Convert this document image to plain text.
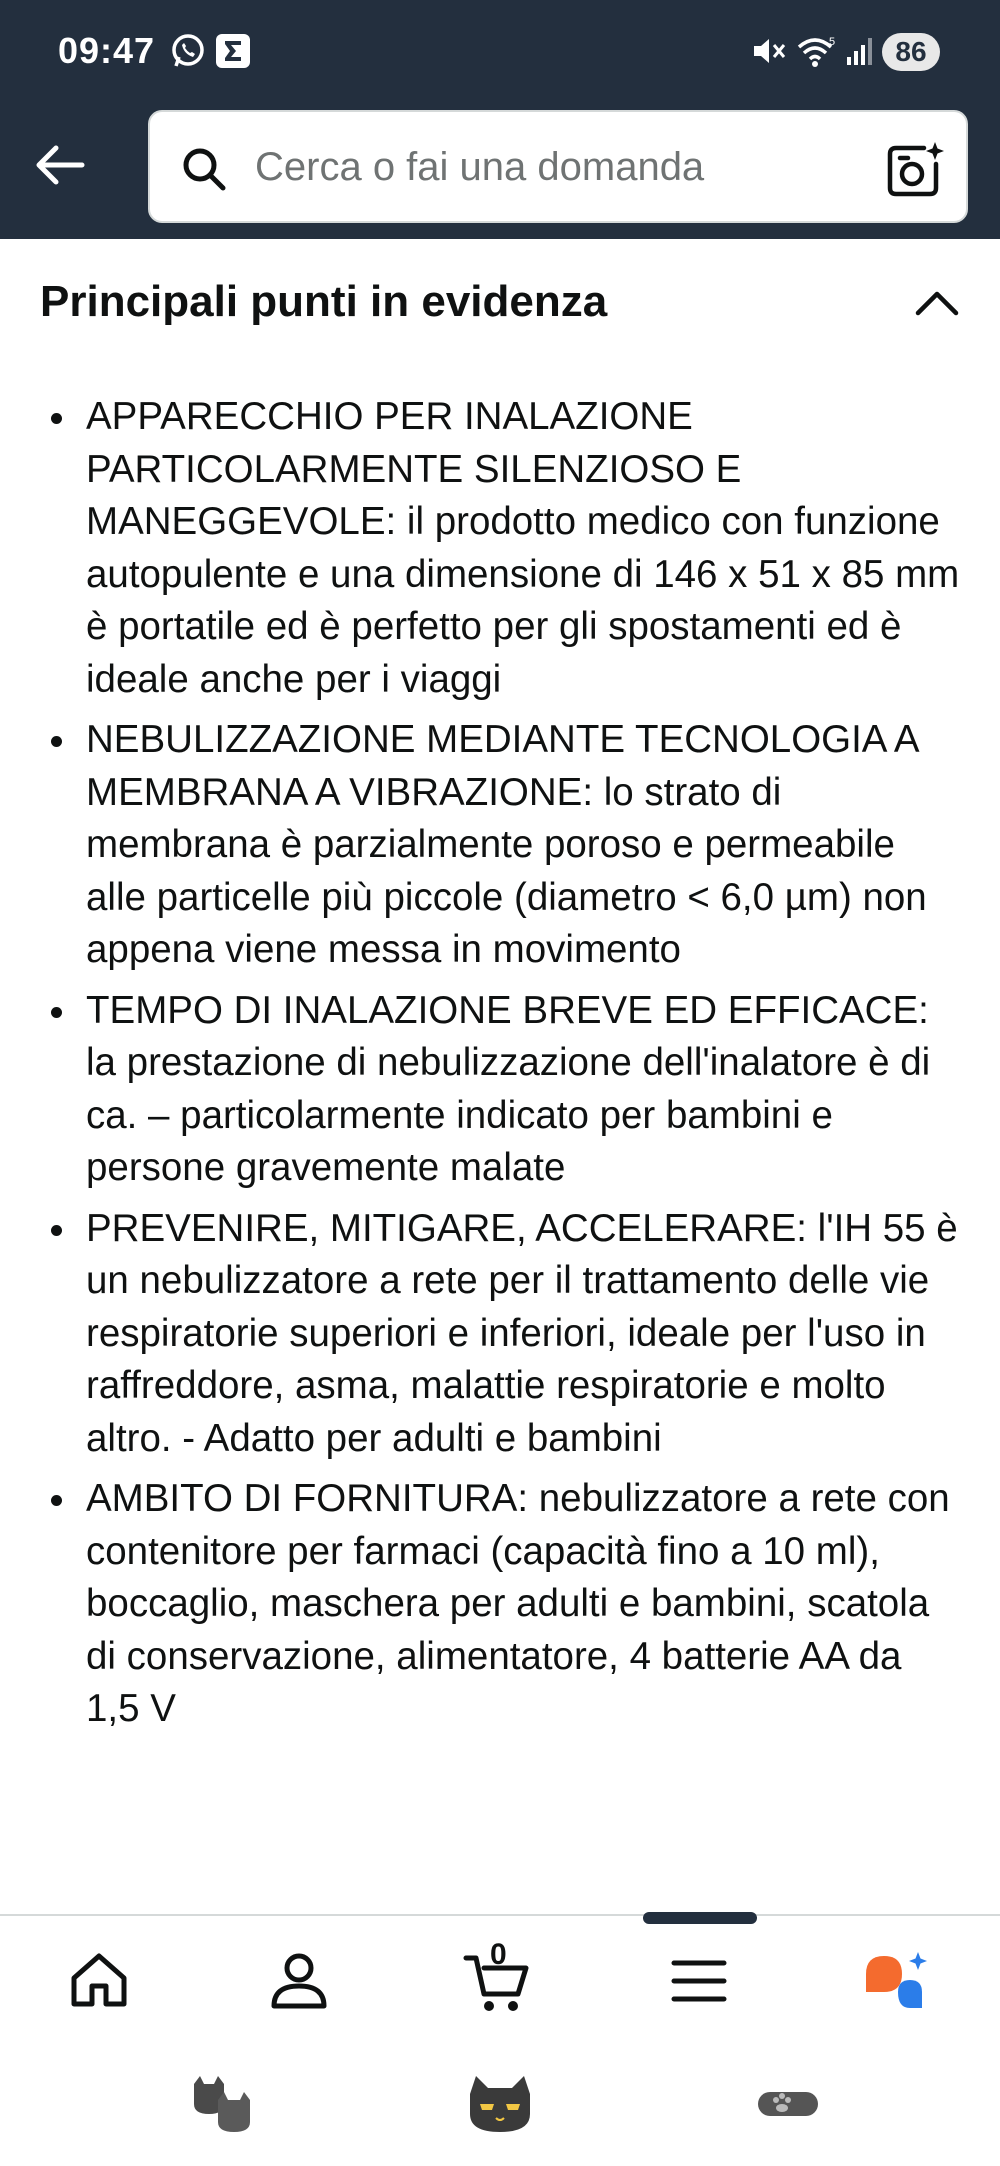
09:47	5	86
Cerca o fai una domanda
Principali punti in evidenza
APPARECCHIO PER INALAZIONE PARTICOLARMENTE SILENZIOSO E MANEGGEVOLE: il prodotto medico con funzione autopulente e una dimensione di 146 x 51 x 85 mm è portatile ed è perfetto per gli spostamenti ed è ideale anche per i viaggi
NEBULIZZAZIONE MEDIANTE TECNOLOGIA A MEMBRANA A VIBRAZIONE: lo strato di membrana è parzialmente poroso e permeabile alle particelle più piccole (diametro < 6,0 µm) non appena viene messa in movimento
TEMPO DI INALAZIONE BREVE ED EFFICACE: la prestazione di nebulizzazione dell'inalatore è di ca. – particolarmente indicato per bambini e persone gravemente malate
PREVENIRE, MITIGARE, ACCELERARE: l'IH 55 è un nebulizzatore a rete per il trattamento delle vie respiratorie superiori e inferiori, ideale per l'uso in raffreddore, asma, malattie respiratorie e molto altro. - Adatto per adulti e bambini
AMBITO DI FORNITURA: nebulizzatore a rete con contenitore per farmaci (capacità fino a 10 ml), boccaglio, maschera per adulti e bambini, scatola di conservazione, alimentatore, 4 batterie AA da 1,5 V
0
